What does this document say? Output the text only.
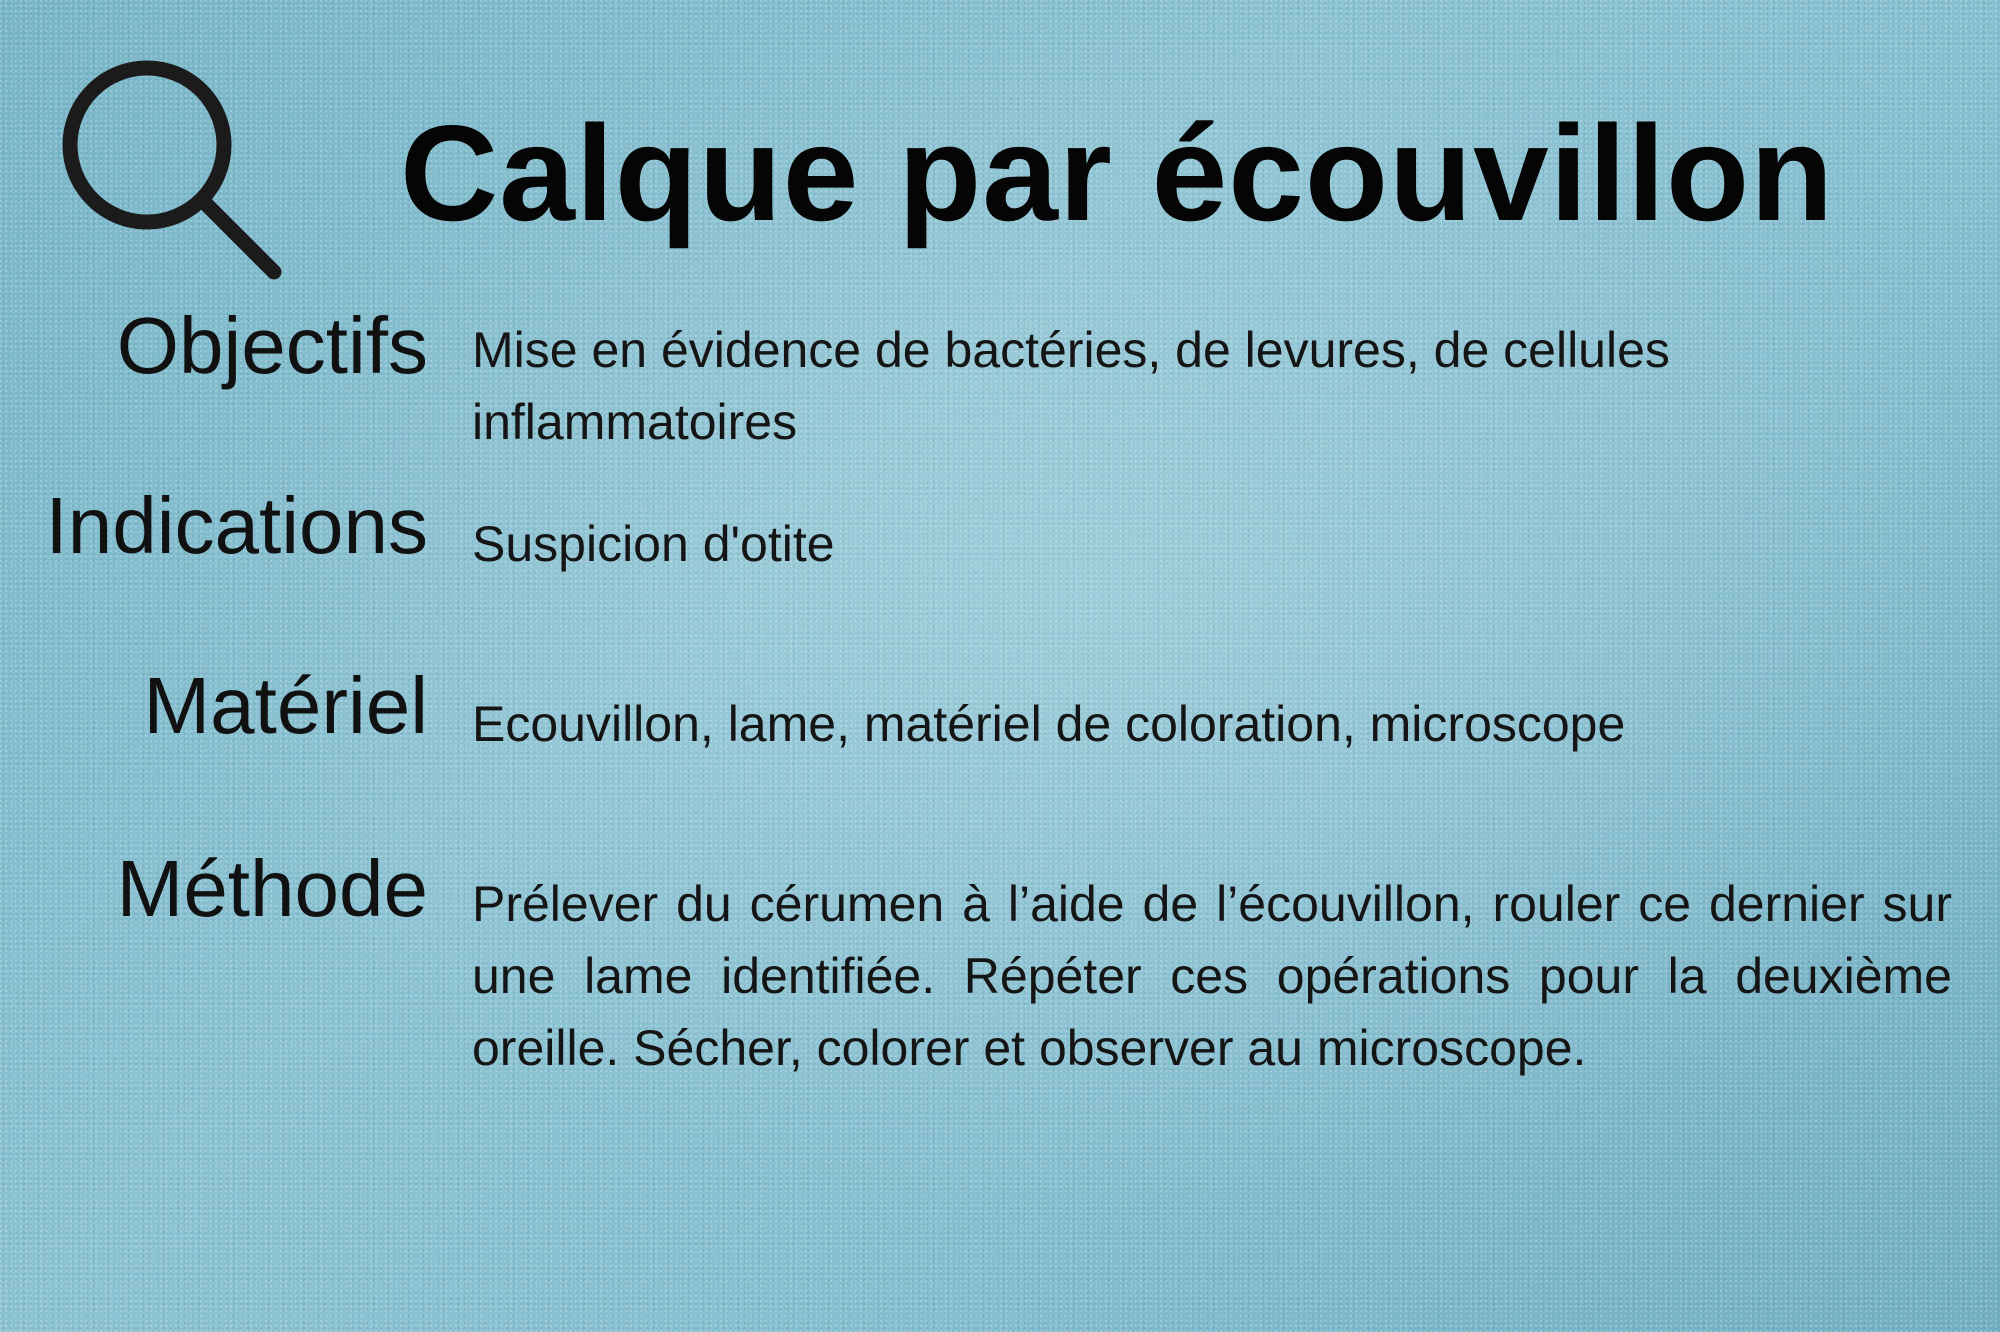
Calque par écouvillon
Objectifs Mise en évidence de bactéries, de levures, de cellules inflammatoires
Indications Suspicion d'otite
Matériel Ecouvillon, lame, matériel de coloration, microscope
Méthode Prélever du cérumen à l’aide de l’écouvillon, rouler ce dernier sur une lame identifiée. Répéter ces opérations pour la deuxième oreille. Sécher, colorer et observer au microscope.
